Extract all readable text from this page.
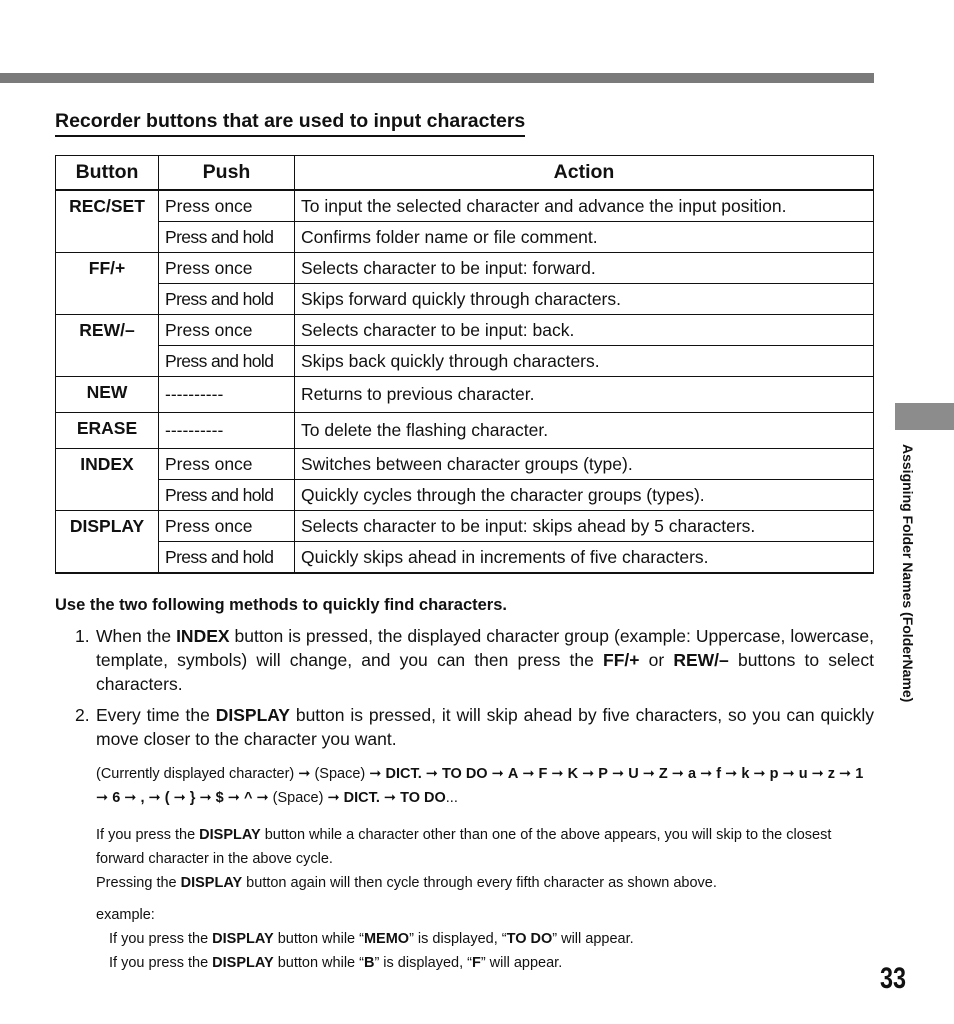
Assigning Folder Names (FolderName)
33
Recorder buttons that are used to input characters
Button	Push	Action
REC/SET	Press once	To input the selected character and advance the input position.
	Press and hold	Confirms folder name or file comment.
FF/+	Press once	Selects character to be input: forward.
	Press and hold	Skips forward quickly through characters.
REW/–	Press once	Selects character to be input: back.
	Press and hold	Skips back quickly through characters.
NEW	----------	Returns to previous character.
ERASE	----------	To delete the flashing character.
INDEX	Press once	Switches between character groups (type).
	Press and hold	Quickly cycles through the character groups (types).
DISPLAY	Press once	Selects character to be input: skips ahead by 5 characters.
	Press and hold	Quickly skips ahead in increments of five characters.

Use the two following methods to quickly find characters.

1. When the INDEX button is pressed, the displayed character group (example: Uppercase, lowercase, template, symbols) will change, and you can then press the FF/+ or REW/– buttons to select characters.
2. Every time the DISPLAY button is pressed, it will skip ahead by five characters, so you can quickly move closer to the character you want.

(Currently displayed character) ➞ (Space) ➞ DICT. ➞ TO DO ➞ A ➞ F ➞ K ➞ P ➞ U ➞ Z ➞ a ➞ f ➞ k ➞ p ➞ u ➞ z ➞ 1 ➞ 6 ➞ , ➞ ( ➞ } ➞ $ ➞ ^ ➞ (Space) ➞ DICT. ➞ TO DO...

If you press the DISPLAY button while a character other than one of the above appears, you will skip to the closest forward character in the above cycle.
Pressing the DISPLAY button again will then cycle through every fifth character as shown above.

example:

If you press the DISPLAY button while “MEMO” is displayed, “TO DO” will appear.
If you press the DISPLAY button while “B” is displayed, “F” will appear.
